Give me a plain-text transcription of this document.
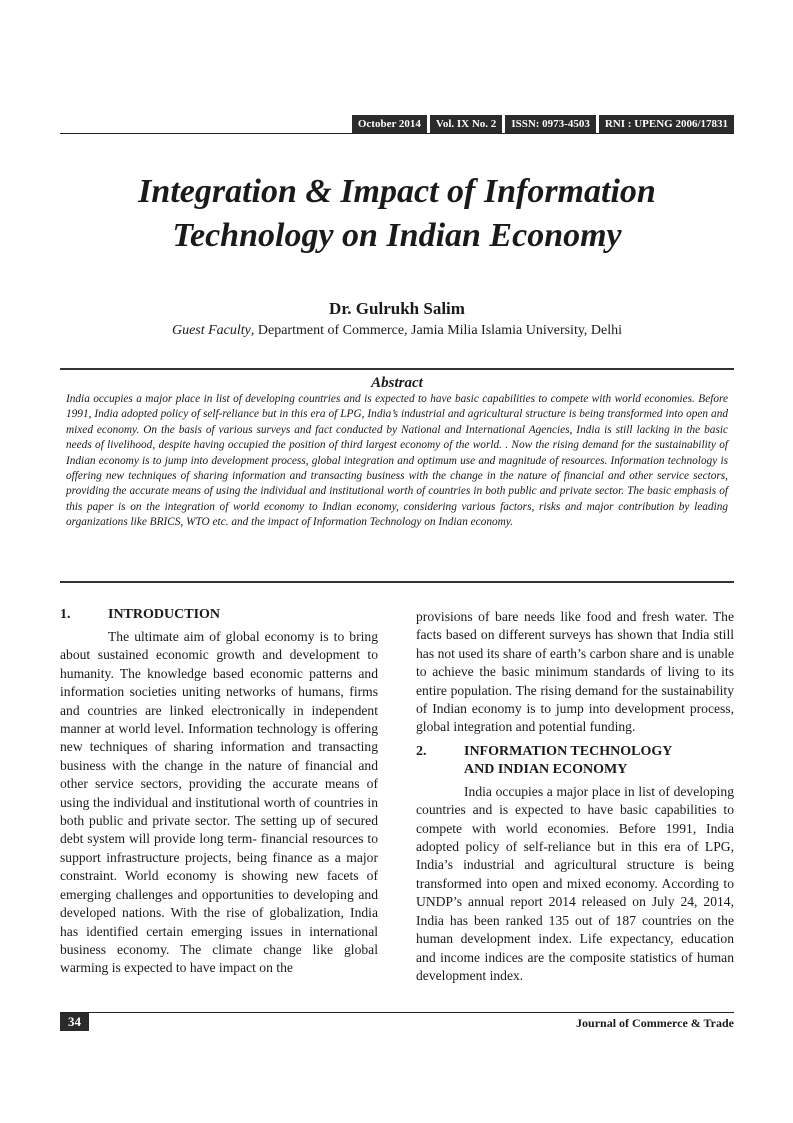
October 2014	Vol. IX No. 2	ISSN: 0973-4503	RNI : UPENG 2006/17831
Integration & Impact of Information
Technology on Indian Economy
Dr. Gulrukh Salim
Guest Faculty, Department of Commerce, Jamia Milia Islamia University, Delhi
Abstract

India occupies a major place in list of developing countries and is expected to have basic capabilities to compete with world economies. Before 1991, India adopted policy of self-reliance but in this era of LPG, India’s industrial and agricultural structure is being transformed into open and mixed economy. On the basis of various surveys and fact conducted by National and International Agencies, India is still lacking in the basic needs of livelihood, despite having occupied the position of third largest economy of the world. . Now the rising demand for the sustainability of Indian economy is to jump into development process, global integration and optimum use and magnitude of resources. Information technology is offering new techniques of sharing information and transacting business with the change in the nature of financial and other service sectors, providing the accurate means of using the individual and institutional worth of countries in both public and private sector. The basic emphasis of this paper is on the integration of world economy to Indian economy, considering various factors, risks and major contribution by leading organizations like BRICS, WTO etc. and the impact of Information Technology on Indian economy.

1.	INTRODUCTION

The ultimate aim of global economy is to bring about sustained economic growth and development to humanity. The knowledge based economic patterns and information societies uniting networks of humans, firms and countries are linked electronically in independent manner at world level. Information technology is offering new techniques of sharing information and transacting business with the change in the nature of financial and other service sectors, providing the accurate means of using the individual and institutional worth of countries in both public and private sector. The setting up of secured debt system will provide long term- financial resources to support infrastructure projects, being finance as a major constraint. World economy is showing new facets of emerging challenges and opportunities to developing and developed nations. With the rise of globalization, India has identified certain emerging issues in international business economy. The climate change like global warming is expected to have impact on the

provisions of bare needs like food and fresh water. The facts based on different surveys has shown that India still has not used its share of earth’s carbon share and is unable to achieve the basic minimum standards of living to its entire population. The rising demand for the sustainability of Indian economy is to jump into development process, global integration and potential funding.

2.	INFORMATION TECHNOLOGY
AND INDIAN ECONOMY

India occupies a major place in list of developing countries and is expected to have basic capabilities to compete with world economies. Before 1991, India adopted policy of self-reliance but in this era of LPG, India’s industrial and agricultural structure is being transformed into open and mixed economy. According to UNDP’s annual report 2014 released on July 24, 2014, India has been ranked 135 out of 187 countries on the human development index. Life expectancy, education and income indices are the composite statistics of human development index.

34	Journal of Commerce & Trade
